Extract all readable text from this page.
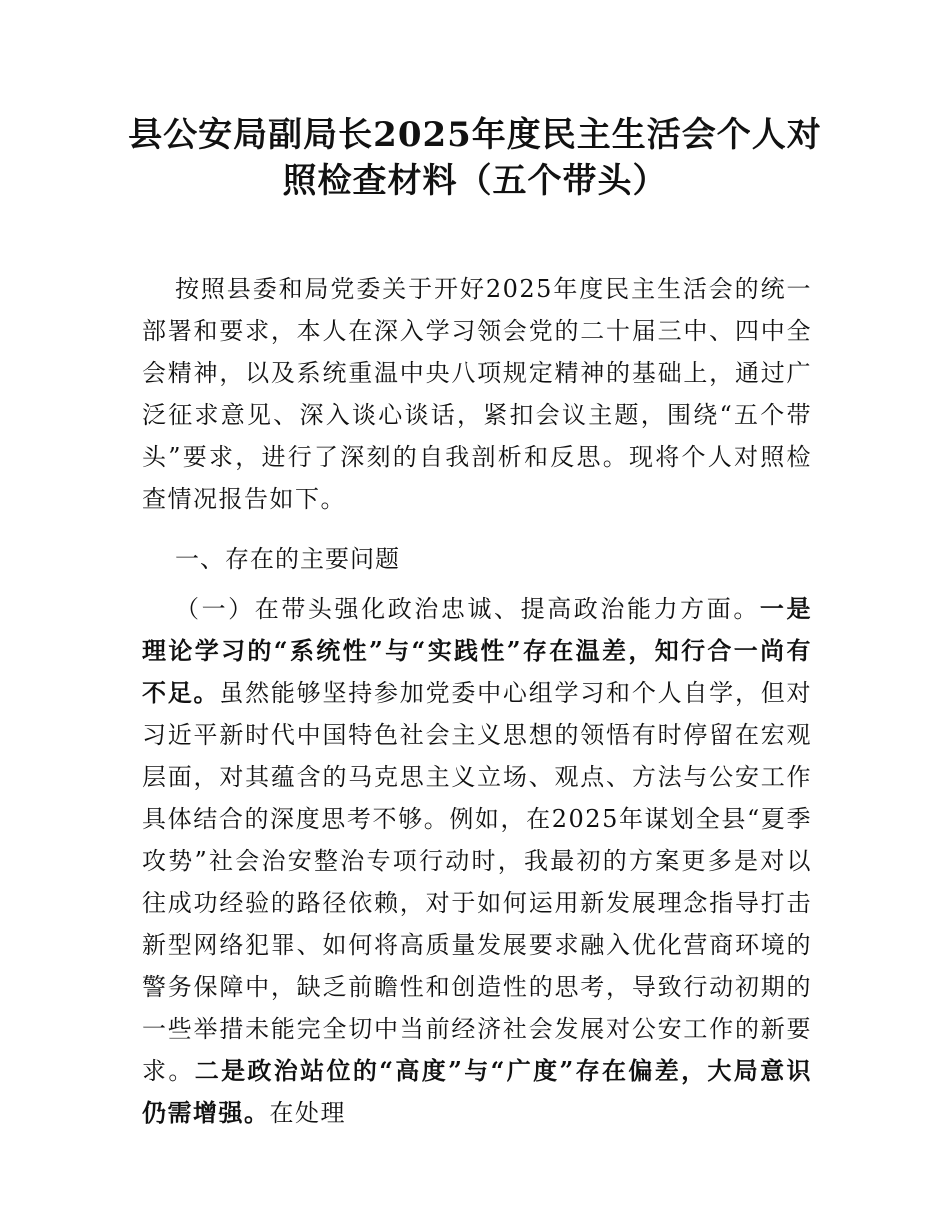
县公安局副局长2025年度民主生活会个人对
照检查材料（五个带头）
按照县委和局党委关于开好2025年度民主生活会的统一部署和要求，本人在深入学习领会党的二十届三中、四中全会精神，以及系统重温中央八项规定精神的基础上，通过广泛征求意见、深入谈心谈话，紧扣会议主题，围绕“五个带头”要求，进行了深刻的自我剖析和反思。现将个人对照检查情况报告如下。
一、存在的主要问题
（一）在带头强化政治忠诚、提高政治能力方面。一是理论学习的“系统性”与“实践性”存在温差，知行合一尚有不足。虽然能够坚持参加党委中心组学习和个人自学，但对习近平新时代中国特色社会主义思想的领悟有时停留在宏观层面，对其蕴含的马克思主义立场、观点、方法与公安工作具体结合的深度思考不够。例如，在2025年谋划全县“夏季攻势”社会治安整治专项行动时，我最初的方案更多是对以往成功经验的路径依赖，对于如何运用新发展理念指导打击新型网络犯罪、如何将高质量发展要求融入优化营商环境的警务保障中，缺乏前瞻性和创造性的思考，导致行动初期的一些举措未能完全切中当前经济社会发展对公安工作的新要求。二是政治站位的“高度”与“广度”存在偏差，大局意识仍需增强。在处理
